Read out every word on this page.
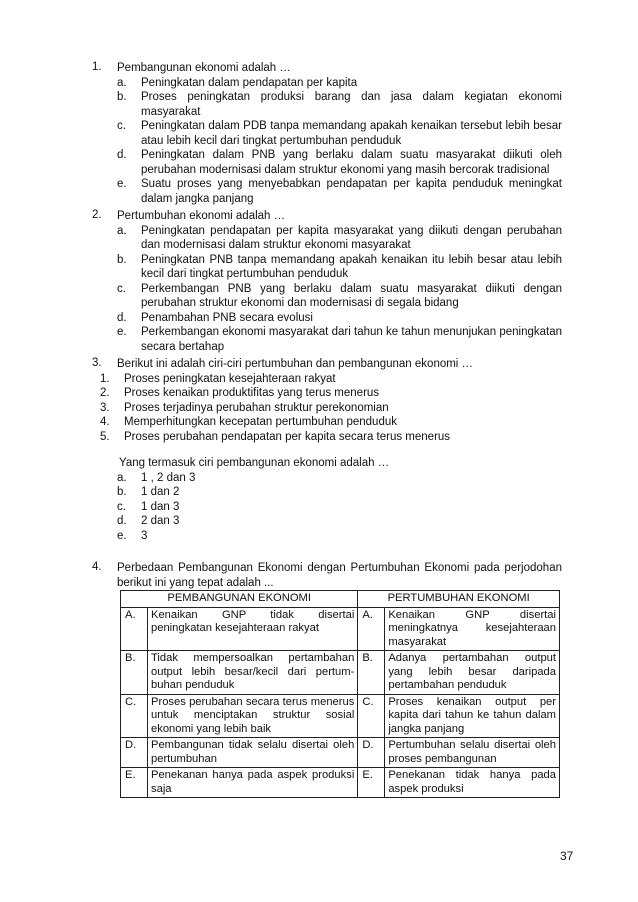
1. Pembangunan ekonomi adalah …
a.	Peningkatan dalam pendapatan per kapita
b.	Proses peningkatan produksi barang dan jasa dalam kegiatan ekonomi masyarakat
c.	Peningkatan dalam PDB tanpa memandang apakah kenaikan tersebut lebih besar atau lebih kecil dari tingkat pertumbuhan penduduk
d.	Peningkatan dalam PNB yang berlaku dalam suatu masyarakat diikuti oleh perubahan modernisasi dalam struktur ekonomi yang masih bercorak tradisional
e.	Suatu proses yang menyebabkan pendapatan per kapita penduduk meningkat dalam jangka panjang
2. Pertumbuhan ekonomi adalah …
a.	Peningkatan pendapatan per kapita masyarakat yang diikuti dengan perubahan dan modernisasi dalam struktur ekonomi masyarakat
b.	Peningkatan PNB tanpa memandang apakah kenaikan itu lebih besar atau lebih kecil dari tingkat pertumbuhan penduduk
c.	Perkembangan PNB yang berlaku dalam suatu masyarakat diikuti dengan perubahan struktur ekonomi dan modernisasi di segala bidang
d.	Penambahan PNB secara evolusi
e.	Perkembangan ekonomi masyarakat dari tahun ke tahun menunjukan peningkatan secara bertahap
3. Berikut ini adalah ciri-ciri pertumbuhan dan pembangunan ekonomi …
1.	Proses peningkatan kesejahteraan rakyat
2.	Proses kenaikan produktifitas yang terus menerus
3.	Proses terjadinya perubahan struktur perekonomian
4.	Memperhitungkan kecepatan pertumbuhan penduduk
5.	Proses perubahan pendapatan per kapita secara terus menerus
Yang termasuk ciri pembangunan ekonomi adalah …
a.	1 , 2 dan 3
b.	1 dan 2
c.	1 dan 3
d.	2 dan 3
e.	3
4. Perbedaan Pembangunan Ekonomi dengan Pertumbuhan Ekonomi pada perjodohan berikut ini yang tepat adalah ...
PEMBANGUNAN EKONOMI		PERTUMBUHAN EKONOMI	
A.	Kenaikan GNP tidak disertai peningkatan kesejahteraan rakyat	A.	Kenaikan GNP disertai meningkatnya kesejahteraan masyarakat
B.	Tidak mempersoalkan pertambahan output lebih besar/kecil dari pertum-buhan penduduk	B.	Adanya pertambahan output yang lebih besar daripada pertambahan penduduk
C.	Proses perubahan secara terus menerus untuk menciptakan struktur sosial ekonomi yang lebih baik	C.	Proses kenaikan output per kapita dari tahun ke tahun dalam jangka panjang
D.	Pembangunan tidak selalu disertai oleh pertumbuhan	D.	Pertumbuhan selalu disertai oleh proses pembangunan
E.	Penekanan hanya pada aspek produksi saja	E.	Penekanan tidak hanya pada aspek produksi
37
